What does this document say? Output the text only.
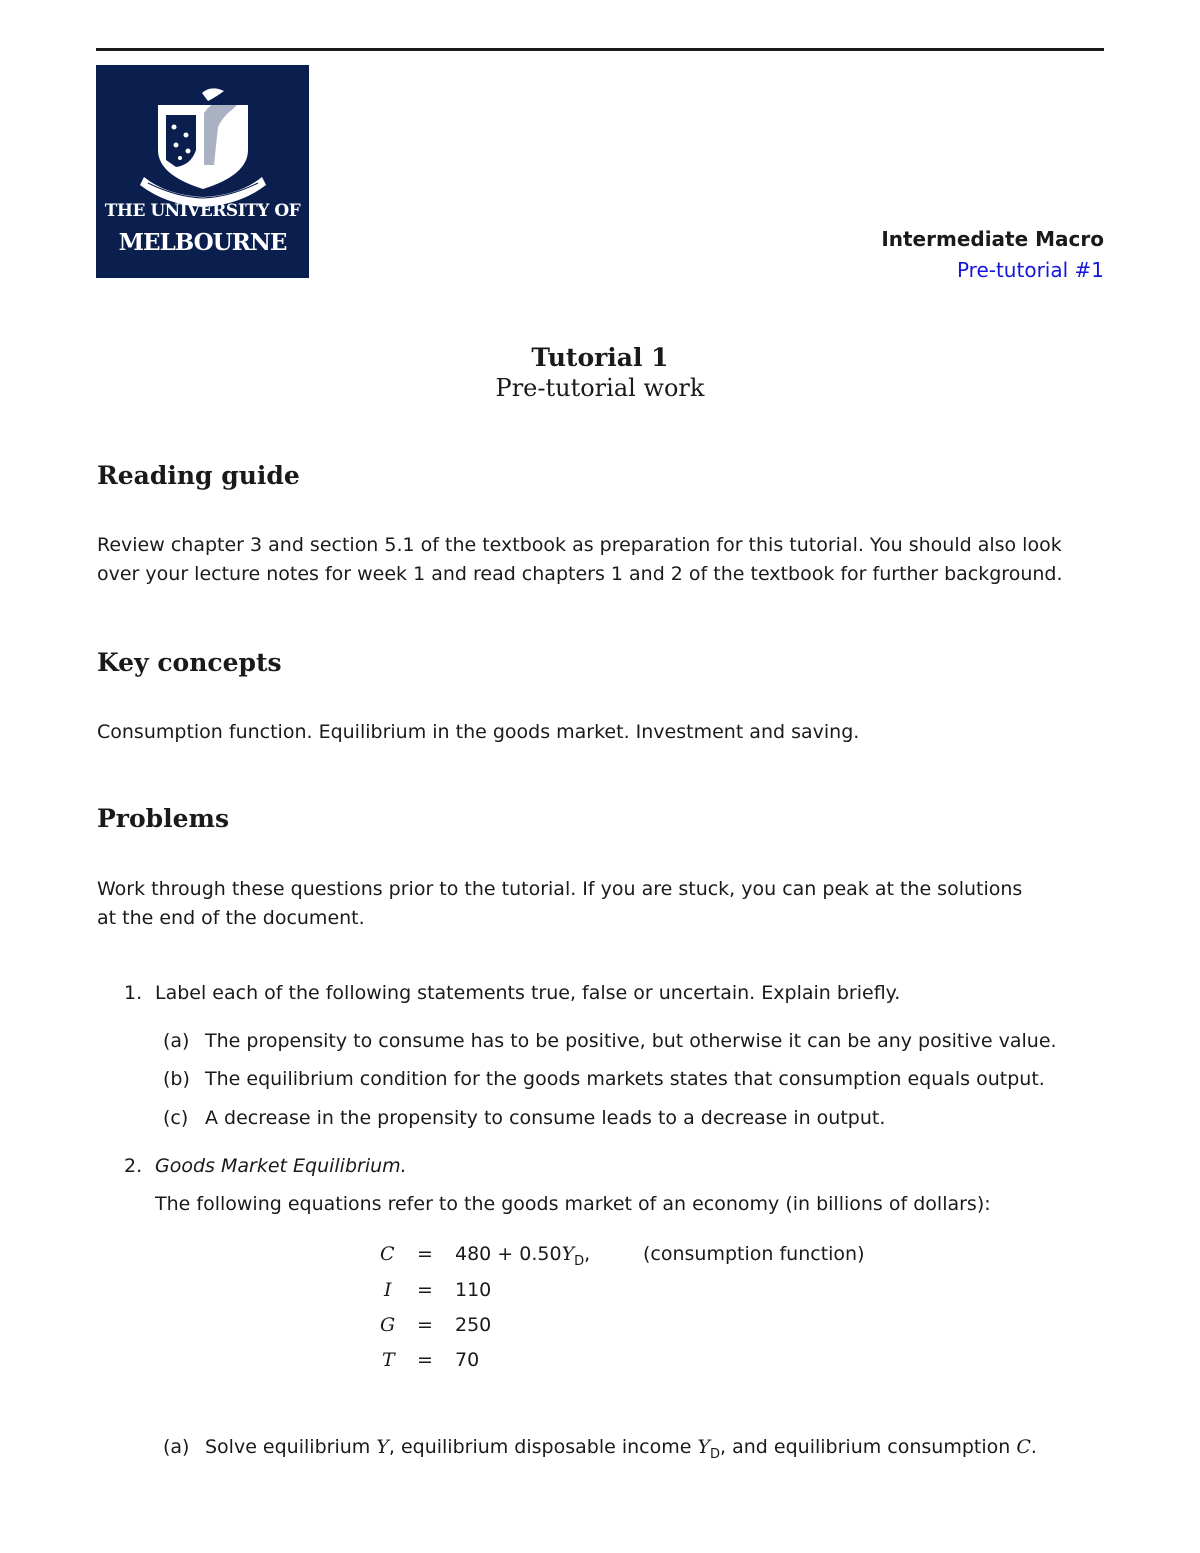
THE UNIVERSITY OF
MELBOURNE	Intermediate Macro
Pre-tutorial #1
Tutorial 1
Pre-tutorial work
Reading guide
Review chapter 3 and section 5.1 of the textbook as preparation for this tutorial. You should also look
over your lecture notes for week 1 and read chapters 1 and 2 of the textbook for further background.
Key concepts
Consumption function. Equilibrium in the goods market. Investment and saving.
Problems
Work through these questions prior to the tutorial. If you are stuck, you can peak at the solutions
at the end of the document.
1. Label each of the following statements true, false or uncertain. Explain briefly.
(a) The propensity to consume has to be positive, but otherwise it can be any positive value.
(b) The equilibrium condition for the goods markets states that consumption equals output.
(c) A decrease in the propensity to consume leads to a decrease in output.
2. Goods Market Equilibrium.
The following equations refer to the goods market of an economy (in billions of dollars):
$C = 480 + 0.50Y_D$,	(consumption function)
I = 110
G = 250
T = 70
(a) Solve equilibrium Y, equilibrium disposable income $Y_D$, and equilibrium consumption C.
